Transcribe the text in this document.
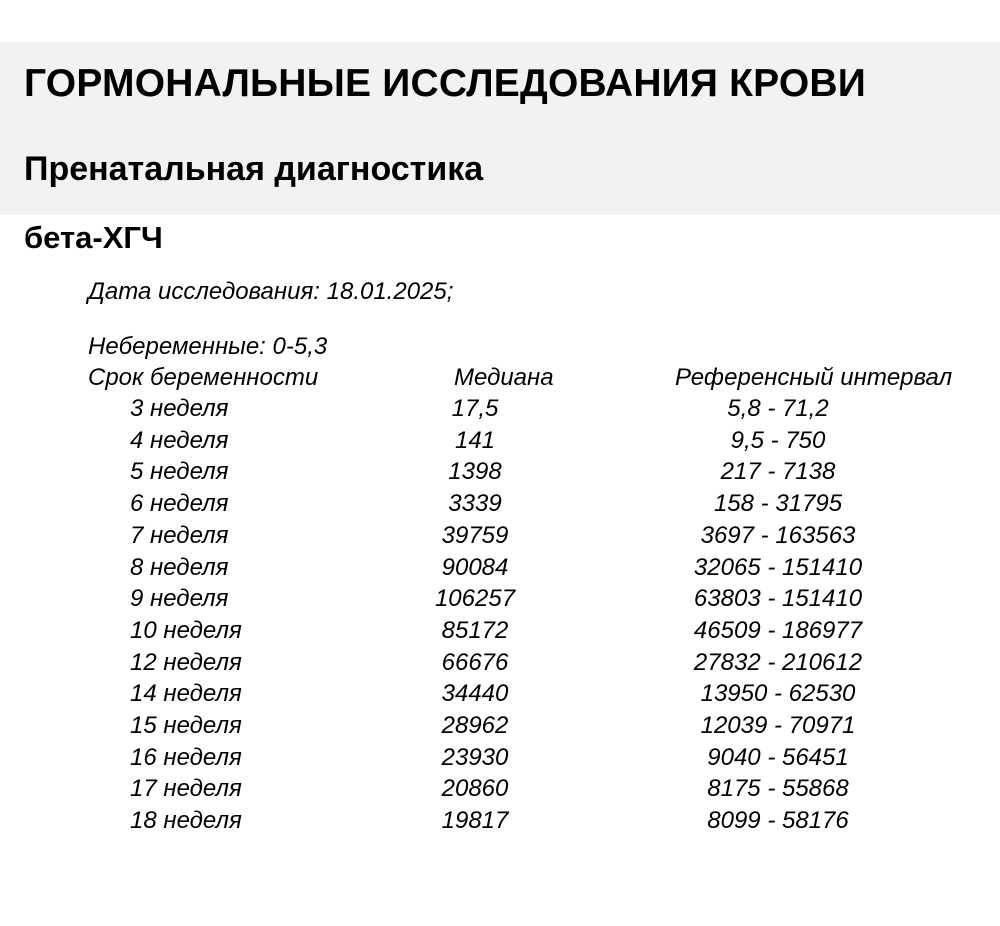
ГОРМОНАЛЬНЫЕ ИССЛЕДОВАНИЯ КРОВИ
Пренатальная диагностика
бета-ХГЧ
Дата исследования: 18.01.2025;
Небеременные: 0-5,3
Срок беременности	Медиана	Референсный интервал
3 неделя	17,5	5,8 - 71,2
4 неделя	141	9,5 - 750
5 неделя	1398	217 - 7138
6 неделя	3339	158 - 31795
7 неделя	39759	3697 - 163563
8 неделя	90084	32065 - 151410
9 неделя	106257	63803 - 151410
10 неделя	85172	46509 - 186977
12 неделя	66676	27832 - 210612
14 неделя	34440	13950 - 62530
15 неделя	28962	12039 - 70971
16 неделя	23930	9040 - 56451
17 неделя	20860	8175 - 55868
18 неделя	19817	8099 - 58176
